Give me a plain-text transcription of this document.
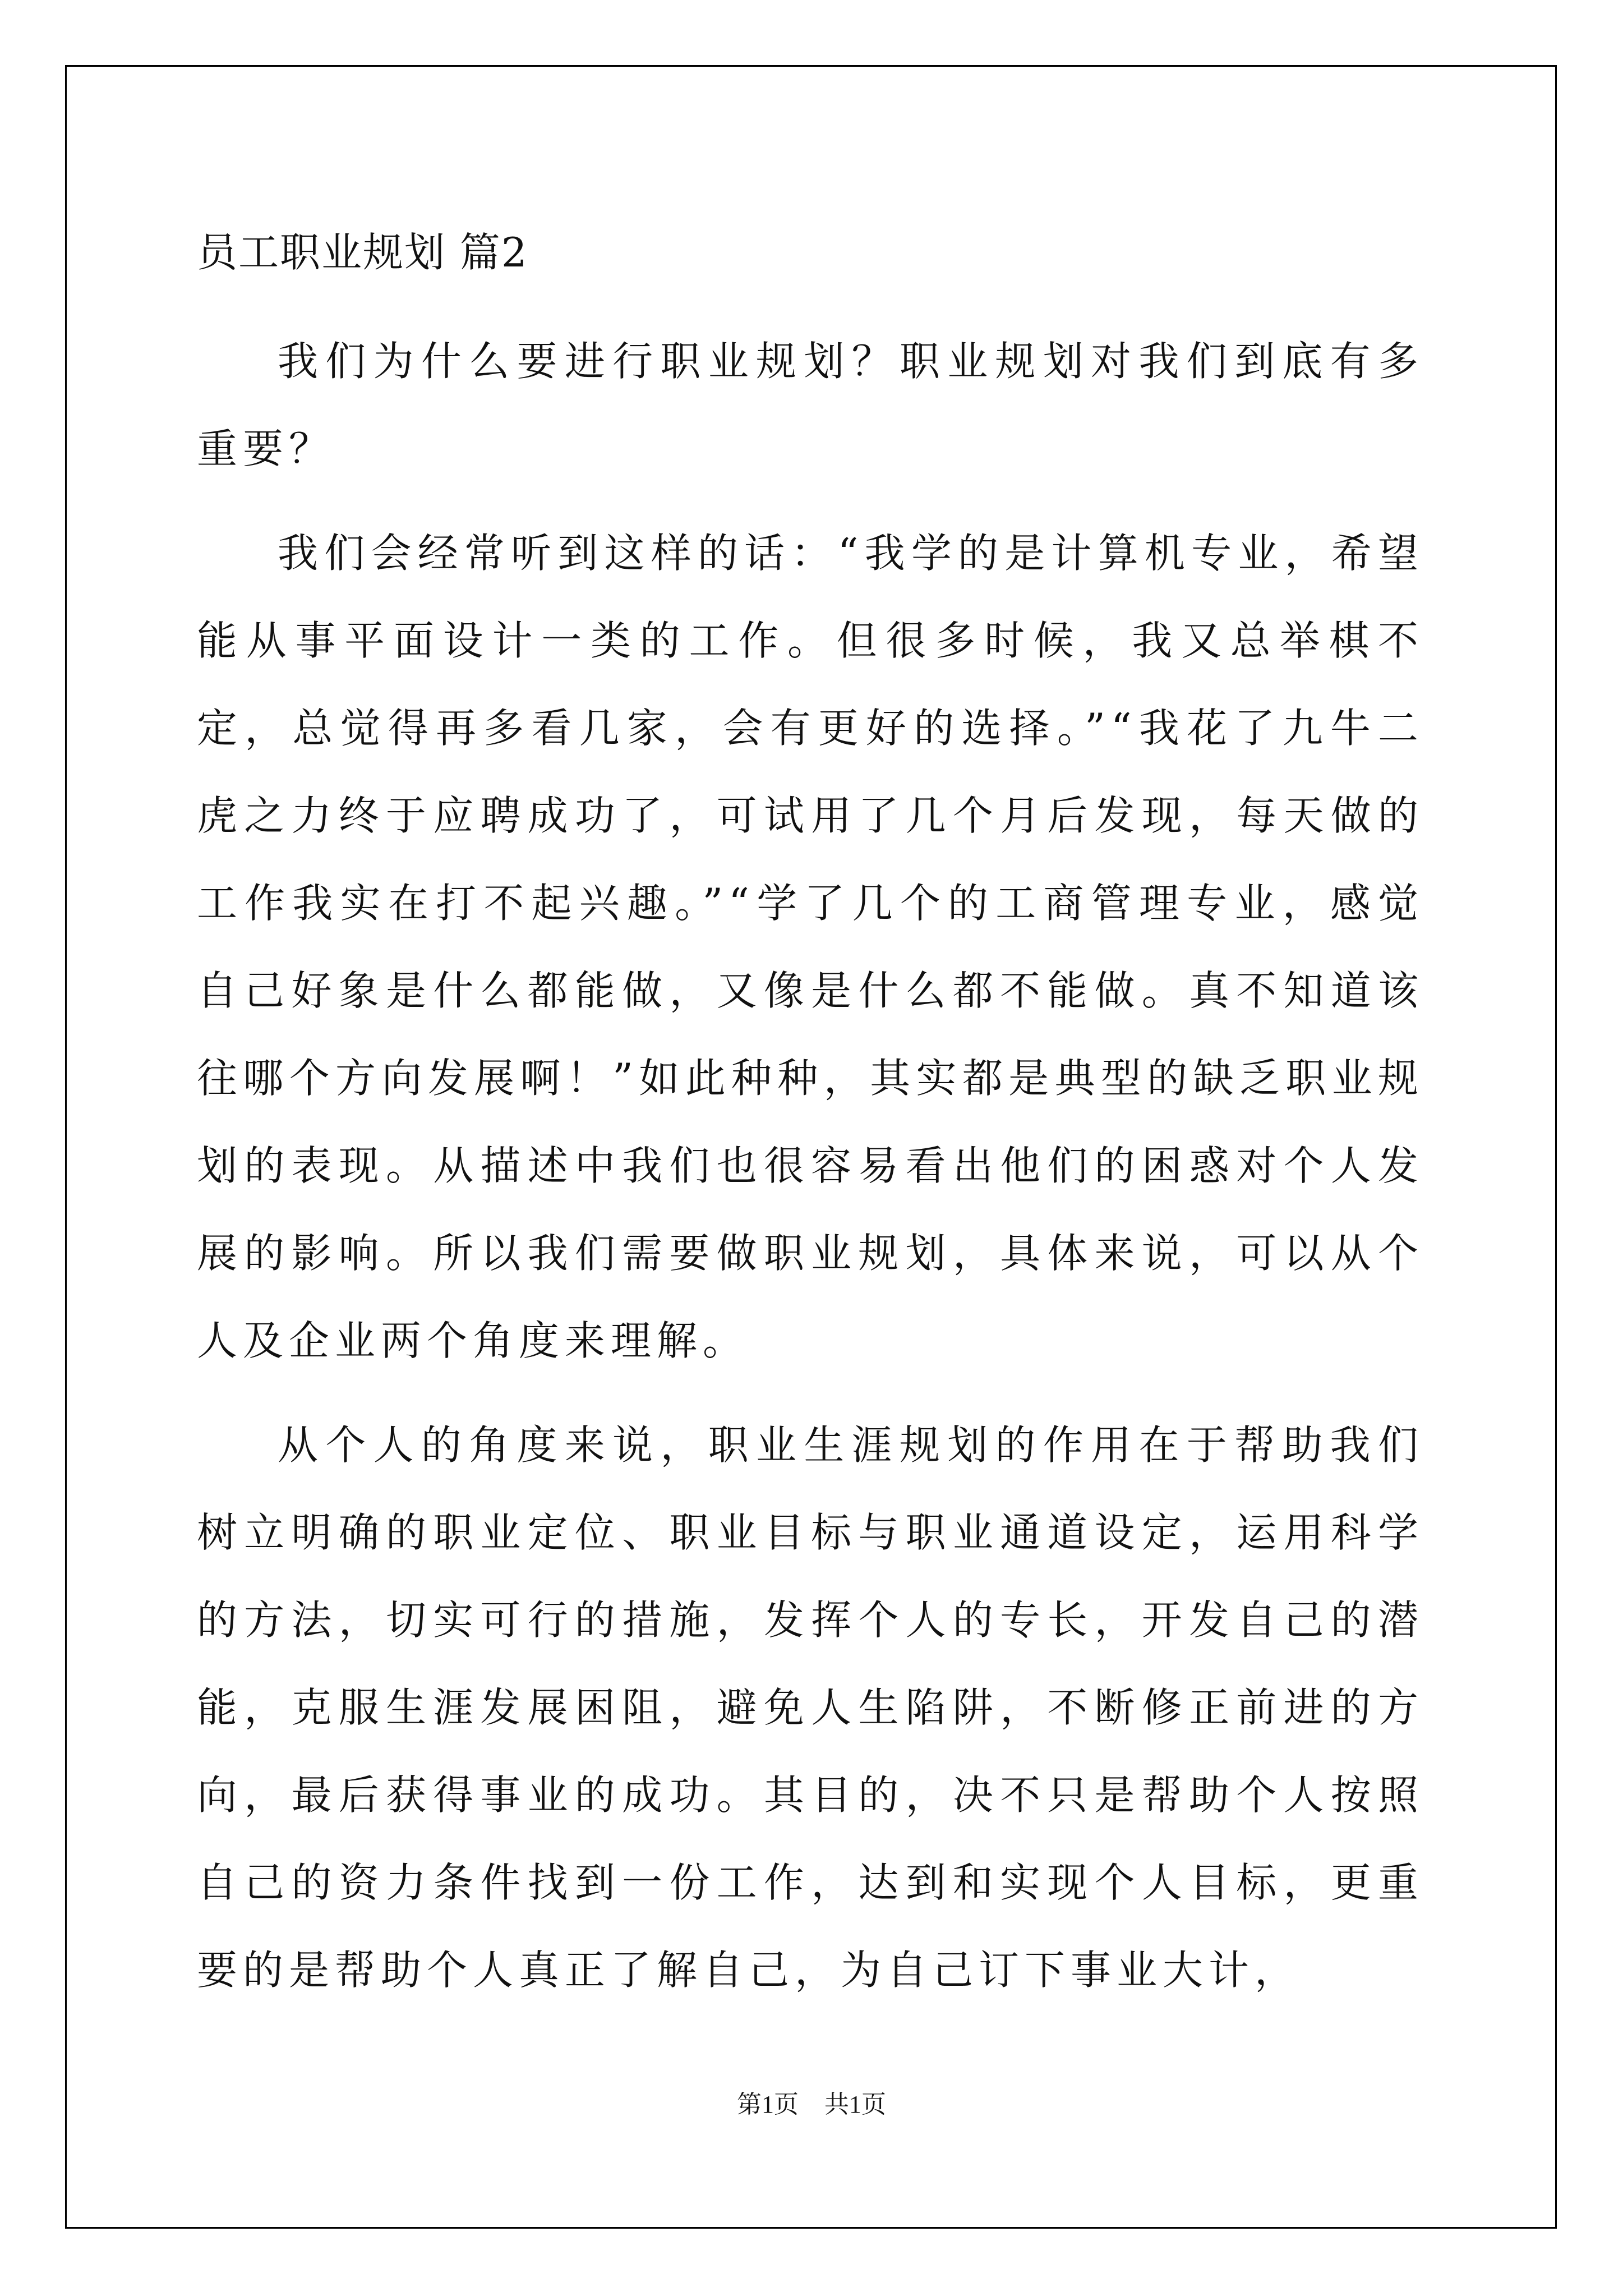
员工职业规划 篇2

我们为什么要进行职业规划？职业规划对我们到底有多重要？

我们会经常听到这样的话：“我学的是计算机专业，希望能从事平面设计一类的工作。但很多时候，我又总举棋不定，总觉得再多看几家，会有更好的选择。”“我花了九牛二虎之力终于应聘成功了，可试用了几个月后发现，每天做的工作我实在打不起兴趣。”“学了几个的工商管理专业，感觉自己好象是什么都能做，又像是什么都不能做。真不知道该往哪个方向发展啊！”如此种种，其实都是典型的缺乏职业规划的表现。从描述中我们也很容易看出他们的困惑对个人发展的影响。所以我们需要做职业规划，具体来说，可以从个人及企业两个角度来理解。

从个人的角度来说，职业生涯规划的作用在于帮助我们树立明确的职业定位、职业目标与职业通道设定，运用科学的方法，切实可行的措施，发挥个人的专长，开发自己的潜能，克服生涯发展困阻，避免人生陷阱，不断修正前进的方向，最后获得事业的成功。其目的，决不只是帮助个人按照自己的资力条件找到一份工作，达到和实现个人目标，更重要的是帮助个人真正了解自己，为自己订下事业大计，

第1页 共1页
